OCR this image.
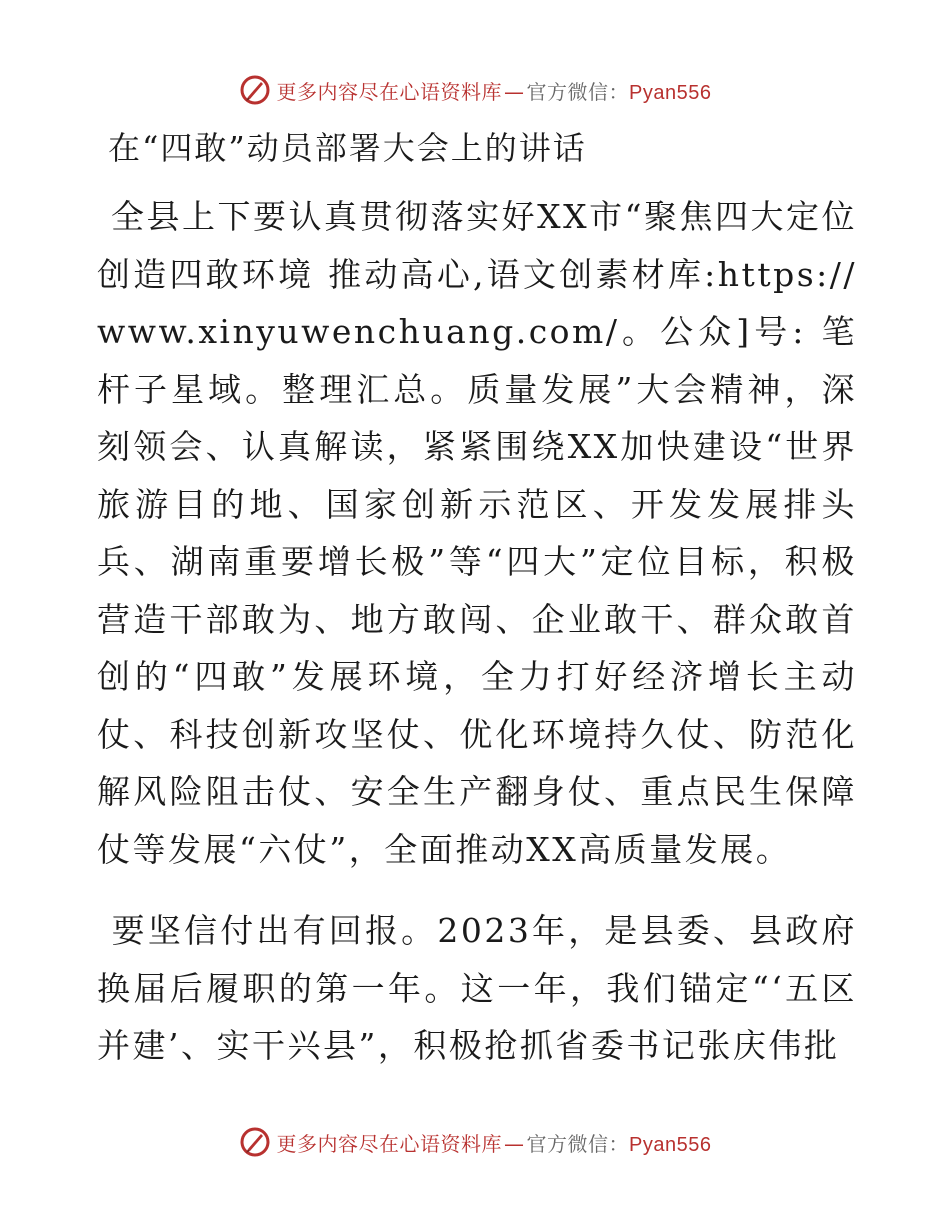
更多内容尽在心语资料库 — 官方微信：Pyan556
在“四敢”动员部署大会上的讲话

全县上下要认真贯彻落实好XX市“聚焦四大定位创造四敢环境 推动高心,语文创素材库:https://www.xinyuwenchuang.com/。公众]号: 笔杆子星域。整理汇总。质量发展”大会精神，深刻领会、认真解读，紧紧围绕XX加快建设“世界旅游目的地、国家创新示范区、开发发展排头兵、湖南重要增长极”等“四大”定位目标，积极营造干部敢为、地方敢闯、企业敢干、群众敢首创的“四敢”发展环境，全力打好经济增长主动仗、科技创新攻坚仗、优化环境持久仗、防范化解风险阻击仗、安全生产翻身仗、重点民生保障仗等发展“六仗”，全面推动XX高质量发展。

要坚信付出有回报。2023年，是县委、县政府换届后履职的第一年。这一年，我们锚定“‘五区并建’、实干兴县”，积极抢抓省委书记张庆伟批

更多内容尽在心语资料库 — 官方微信：Pyan556
